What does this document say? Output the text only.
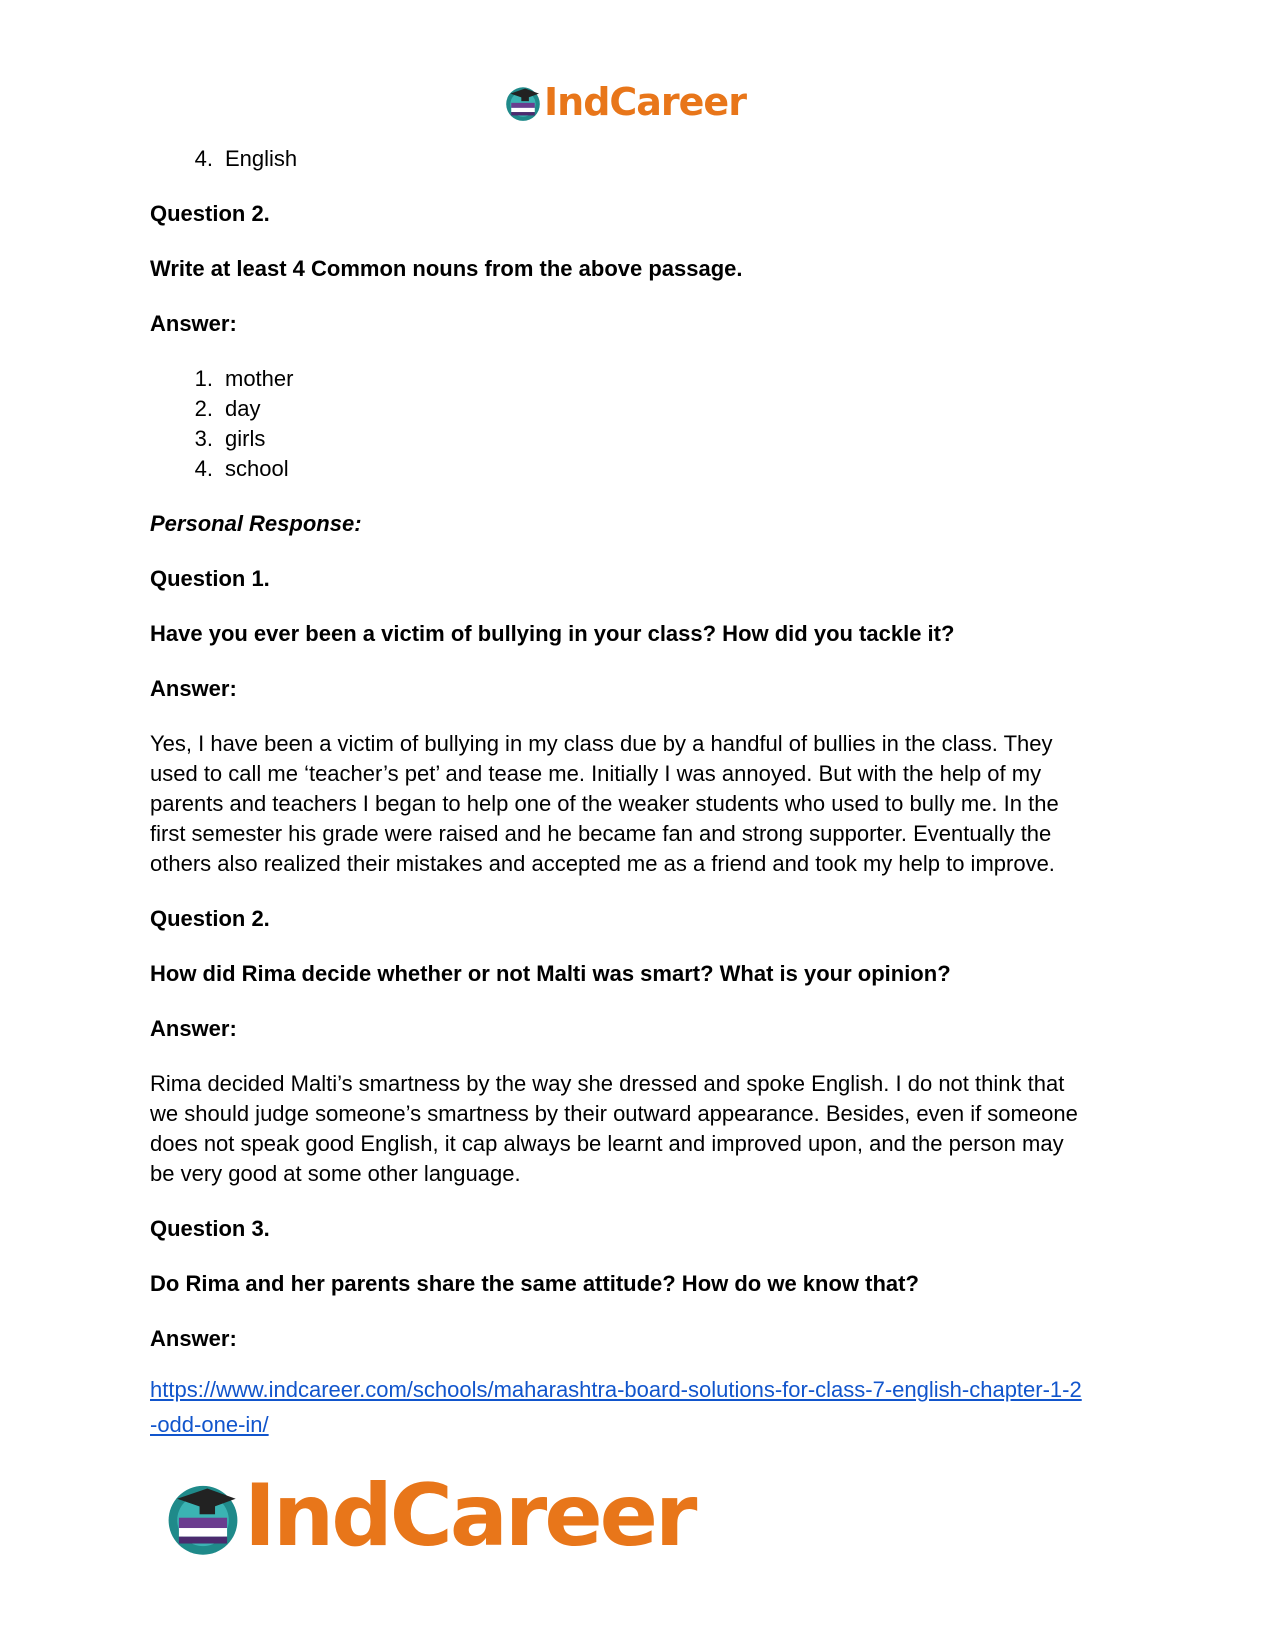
IndCareer
4. English
Question 2.
Write at least 4 Common nouns from the above passage.
Answer:
1. mother
2. day
3. girls
4. school
Personal Response:
Question 1.
Have you ever been a victim of bullying in your class? How did you tackle it?
Answer:
Yes, I have been a victim of bullying in my class due by a handful of bullies in the class. They
used to call me ‘teacher’s pet’ and tease me. Initially I was annoyed. But with the help of my
parents and teachers I began to help one of the weaker students who used to bully me. In the
first semester his grade were raised and he became fan and strong supporter. Eventually the
others also realized their mistakes and accepted me as a friend and took my help to improve.
Question 2.
How did Rima decide whether or not Malti was smart? What is your opinion?
Answer:
Rima decided Malti’s smartness by the way she dressed and spoke English. I do not think that
we should judge someone’s smartness by their outward appearance. Besides, even if someone
does not speak good English, it cap always be learnt and improved upon, and the person may
be very good at some other language.
Question 3.
Do Rima and her parents share the same attitude? How do we know that?
Answer:
https://www.indcareer.com/schools/maharashtra-board-solutions-for-class-7-english-chapter-1-2
-odd-one-in/
IndCareer
